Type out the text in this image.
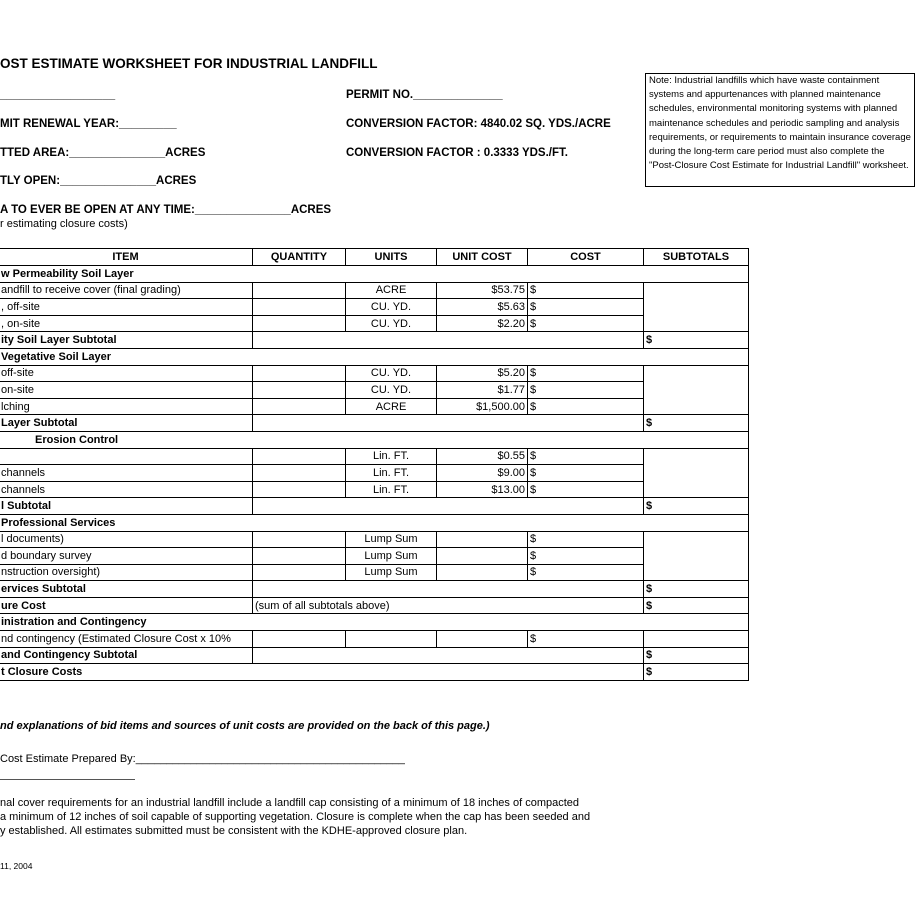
OST ESTIMATE WORKSHEET FOR INDUSTRIAL LANDFILL
__________________	PERMIT NO.______________
MIT RENEWAL YEAR:_________	CONVERSION FACTOR: 4840.02 SQ. YDS./ACRE
TTED AREA:_______________ACRES	CONVERSION FACTOR : 0.3333 YDS./FT.
TLY OPEN:_______________ACRES
A TO EVER BE OPEN AT ANY TIME:_______________ACRES
r estimating closure costs)
Note: Industrial landfills which have waste containment systems and appurtenances with planned maintenance schedules, environmental monitoring systems with planned maintenance schedules and periodic sampling and analysis requirements, or requirements to maintain insurance coverage during the long-term care period must also complete the "Post-Closure Cost Estimate for Industrial Landfill" worksheet.
ITEM	QUANTITY	UNITS	UNIT COST	COST	SUBTOTALS
w Permeability Soil Layer					
andfill to receive cover (final grading)		ACRE	$53.75	$	
, off-site		CU. YD.	$5.63	$	
, on-site		CU. YD.	$2.20	$	
ity Soil Layer Subtotal					$
Vegetative Soil Layer					
off-site		CU. YD.	$5.20	$	
on-site		CU. YD.	$1.77	$	
lching		ACRE	$1,500.00	$	
Layer Subtotal					$
Erosion Control					
		Lin. FT.	$0.55	$	
channels		Lin. FT.	$9.00	$	
channels		Lin. FT.	$13.00	$	
l Subtotal					$
Professional Services					
l documents)		Lump Sum		$	
d boundary survey		Lump Sum		$	
nstruction oversight)		Lump Sum		$	
ervices Subtotal					$
ure Cost	(sum of all subtotals above)				$
inistration and Contingency					
nd contingency (Estimated Closure Cost x 10%				$	
and Contingency Subtotal					$
t Closure Costs					$
nd explanations of bid items and sources of unit costs are provided on the back of this page.)
Cost Estimate Prepared By:____________________________________________
nal cover requirements for an industrial landfill include a landfill cap consisting of a minimum of 18 inches of compacted
a minimum of 12 inches of soil capable of supporting vegetation. Closure is complete when the cap has been seeded and
y established. All estimates submitted must be consistent with the KDHE-approved closure plan.
11, 2004
